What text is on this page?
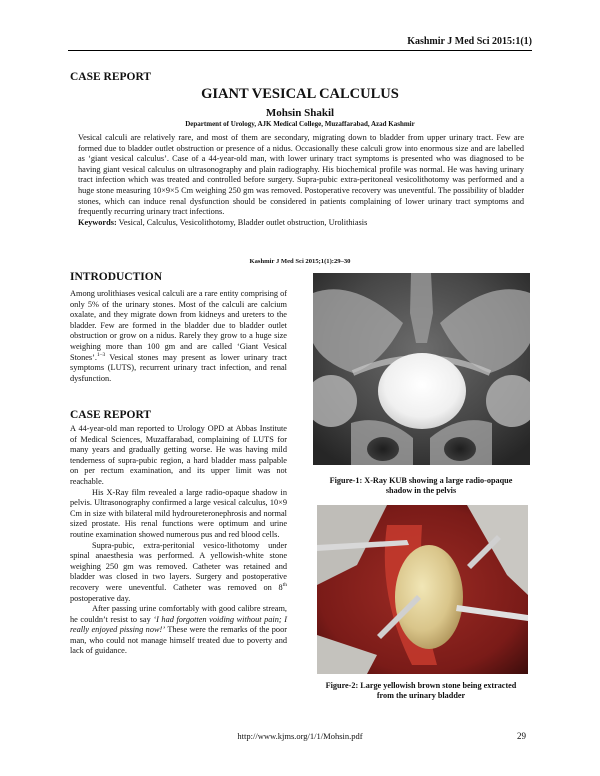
Kashmir J Med Sci 2015:1(1)
CASE REPORT
GIANT VESICAL CALCULUS
Mohsin Shakil
Department of Urology, AJK Medical College, Muzaffarabad, Azad Kashmir
Vesical calculi are relatively rare, and most of them are secondary, migrating down to bladder from upper urinary tract. Few are formed due to bladder outlet obstruction or presence of a nidus. Occasionally these calculi grow into enormous size and are labelled as ‘giant vesical calculus’. Case of a 44-year-old man, with lower urinary tract symptoms is presented who was diagnosed to be having giant vesical calculus on ultrasonography and plain radiography. His biochemical profile was normal. He was having urinary tract infection which was treated and controlled before surgery. Supra-pubic extra-peritoneal vesicolithotomy was performed and a huge stone measuring 10×9×5 Cm weighing 250 gm was removed. Postoperative recovery was uneventful. The possibility of bladder stones, which can induce renal dysfunction should be considered in patients complaining of lower urinary tract symptoms and frequently recurring urinary tract infections.
Keywords: Vesical, Calculus, Vesicolithotomy, Bladder outlet obstruction, Urolithiasis
Kashmir J Med Sci 2015;1(1):29–30
INTRODUCTION

Among urolithiases vesical calculi are a rare entity comprising of only 5% of the urinary stones. Most of the calculi are calcium oxalate, and they migrate down from kidneys and ureters to the bladder. Few are formed in the bladder due to bladder outlet obstruction or grow on a nidus. Rarely they grow to a huge size weighing more than 100 gm and are called ‘Giant Vesical Stones’.$^{1-3}$ Vesical stones may present as lower urinary tract symptoms (LUTS), recurrent urinary tract infection, and renal dysfunction.

CASE REPORT

A 44-year-old man reported to Urology OPD at Abbas Institute of Medical Sciences, Muzaffarabad, complaining of LUTS for many years and gradually getting worse. He was having mild tenderness of supra-pubic region, a hard bladder mass palpable on per rectum examination, and its upper limit was not reachable.

His X-Ray film revealed a large radio-opaque shadow in pelvis. Ultrasonography confirmed a large vesical calculus, 10×9 Cm in size with bilateral mild hydroureteronephrosis and normal sized prostate. His renal functions were optimum and urine routine examination showed numerous pus and red blood cells.

Supra-pubic, extra-peritonial vesico-lithotomy under spinal anaesthesia was performed. A yellowish-white stone weighing 250 gm was removed. Catheter was retained and bladder was closed in two layers. Surgery and postoperative recovery were uneventful. Catheter was removed on 8th postoperative day.

After passing urine comfortably with good calibre stream, he couldn’t resist to say ‘I had forgotten voiding without pain; I really enjoyed pissing now!’ These were the remarks of the poor man, who could not manage himself treated due to poverty and lack of guidance.

Figure-1: X-Ray KUB showing a large radio-opaque shadow in the pelvis
Figure-2: Large yellowish brown stone being extracted from the urinary bladder
http://www.kjms.org/1/1/Mohsin.pdf	29
